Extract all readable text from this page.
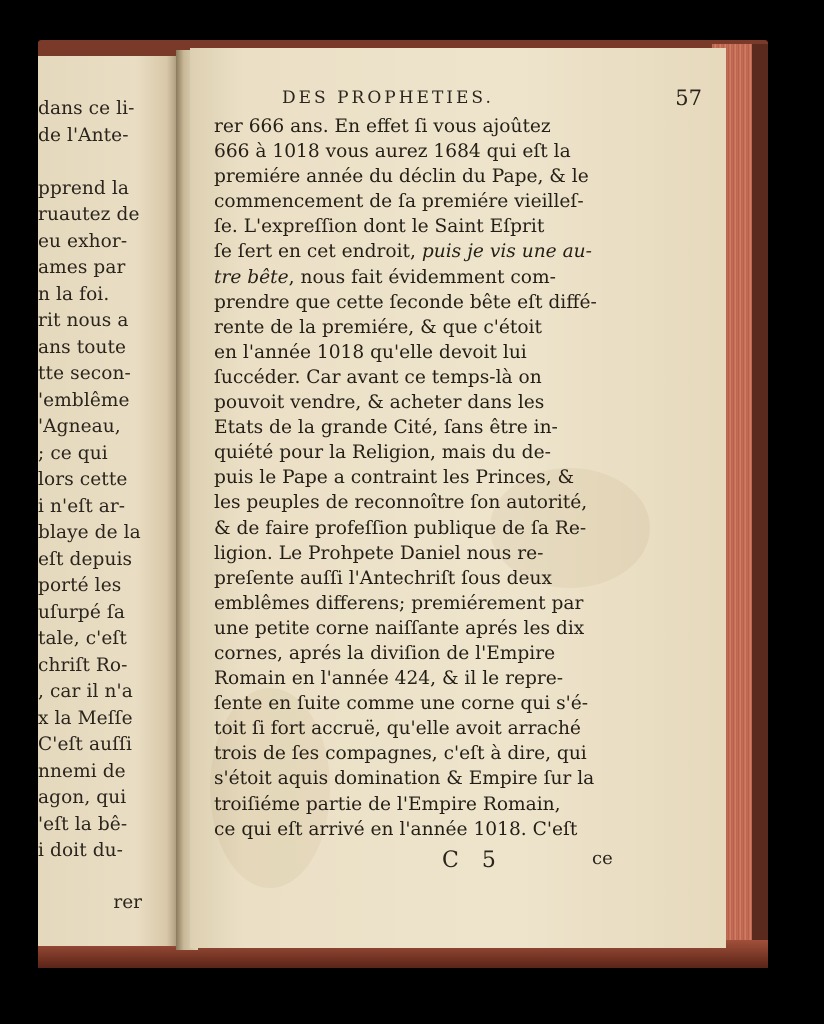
dans ce li-
de l'Ante-

pprend la
ruautez de
eu exhor-
ames par
n la foi.
rit nous a
ans toute
tte secon-
'emblême
'Agneau,
; ce qui
lors cette
i n'eſt ar-
blaye de la
eſt depuis
porté les
uſurpé ſa
tale, c'eſt
chriſt Ro-
, car il n'a
x la Meſſe
C'eſt auſſi
nnemi de
agon, qui
'eſt la bê-
i doit du-
rer
DES PROPHETIES.	57
rer 666 ans. En effet ſi vous ajoûtez
666 à 1018 vous aurez 1684 qui eſt la
premiére année du déclin du Pape, & le
commencement de ſa premiére vieilleſ-
ſe. L'expreſſion dont le Saint Eſprit
ſe ſert en cet endroit, puis je vis une au-
tre bête, nous fait évidemment com-
prendre que cette ſeconde bête eſt diffé-
rente de la premiére, & que c'étoit
en l'année 1018 qu'elle devoit lui
ſuccéder. Car avant ce temps-là on
pouvoit vendre, & acheter dans les
Etats de la grande Cité, ſans être in-
quiété pour la Religion, mais du de-
puis le Pape a contraint les Princes, &
les peuples de reconnoître ſon autorité,
& de faire profeſſion publique de ſa Re-
ligion. Le Prohpete Daniel nous re-
preſente auſſi l'Antechriſt ſous deux
emblêmes differens; premiérement par
une petite corne naiſſante aprés les dix
cornes, aprés la diviſion de l'Empire
Romain en l'année 424, & il le repre-
ſente en ſuite comme une corne qui s'é-
toit ſi fort accruë, qu'elle avoit arraché
trois de ſes compagnes, c'eſt à dire, qui
s'étoit aquis domination & Empire ſur la
troiſiéme partie de l'Empire Romain,
ce qui eſt arrivé en l'année 1018. C'eſt
C 5	ce
